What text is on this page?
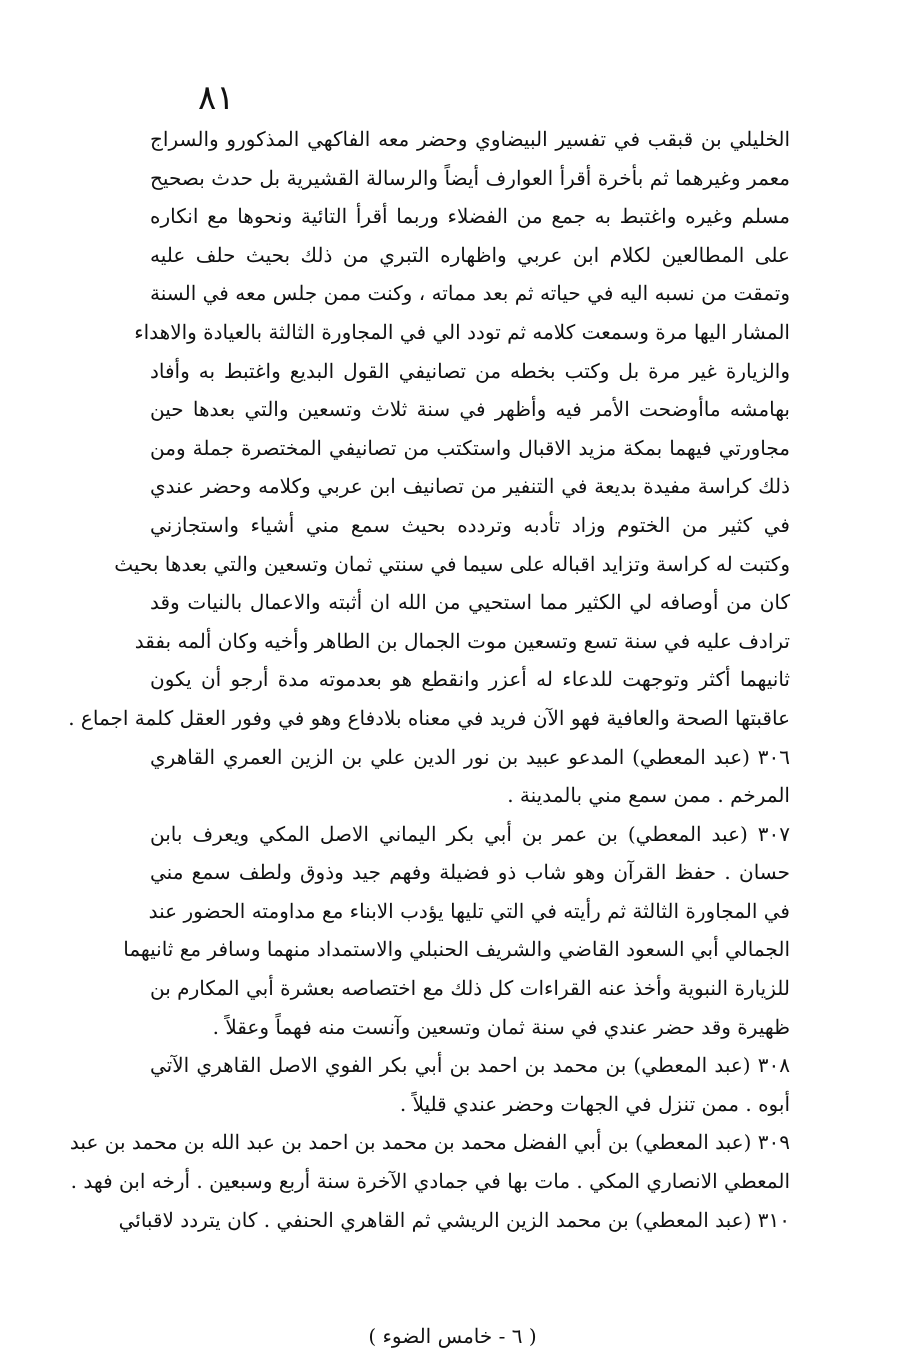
٨١
الخليلي بن قبقب في تفسير البيضاوي وحضر معه الفاكهي المذكورو والسراج
معمر وغيرهما ثم بأخرة أقرأ العوارف أيضاً والرسالة القشيرية بل حدث بصحيح
مسلم وغيره واغتبط به جمع من الفضلاء وربما أقرأ التائية ونحوها مع انكاره
على المطالعين لكلام ابن عربي واظهاره التبري من ذلك بحيث حلف عليه
وتمقت من نسبه اليه في حياته ثم بعد مماته ، وكنت ممن جلس معه في السنة
المشار اليها مرة وسمعت كلامه ثم تودد الي في المجاورة الثالثة بالعيادة والاهداء
والزيارة غير مرة بل وكتب بخطه من تصانيفي القول البديع واغتبط به وأفاد
بهامشه ماأوضحت الأمر فيه وأظهر في سنة ثلاث وتسعين والتي بعدها حين
مجاورتي فيهما بمكة مزيد الاقبال واستكتب من تصانيفي المختصرة جملة ومن
ذلك كراسة مفيدة بديعة في التنفير من تصانيف ابن عربي وكلامه وحضر عندي
في كثير من الختوم وزاد تأدبه وتردده بحيث سمع مني أشياء واستجازني
وكتبت له كراسة وتزايد اقباله على سيما في سنتي ثمان وتسعين والتي بعدها بحيث
كان من أوصافه لي الكثير مما استحيي من الله ان أثبته والاعمال بالنيات وقد
ترادف عليه في سنة تسع وتسعين موت الجمال بن الطاهر وأخيه وكان ألمه بفقد
ثانيهما أكثر وتوجهت للدعاء له أعزر وانقطع هو بعدموته مدة أرجو أن يكون
عاقبتها الصحة والعافية فهو الآن فريد في معناه بلادفاع وهو في وفور العقل كلمة اجماع .
٣٠٦ (عبد المعطي) المدعو عبيد بن نور الدين علي بن الزين العمري القاهري
المرخم . ممن سمع مني بالمدينة .
٣٠٧ (عبد المعطي) بن عمر بن أبي بكر اليماني الاصل المكي ويعرف بابن
حسان . حفظ القرآن وهو شاب ذو فضيلة وفهم جيد وذوق ولطف سمع مني
في المجاورة الثالثة ثم رأيته في التي تليها يؤدب الابناء مع مداومته الحضور عند
الجمالي أبي السعود القاضي والشريف الحنبلي والاستمداد منهما وسافر مع ثانيهما
للزيارة النبوية وأخذ عنه القراءات كل ذلك مع اختصاصه بعشرة أبي المكارم بن
ظهيرة وقد حضر عندي في سنة ثمان وتسعين وآنست منه فهماً وعقلاً .
٣٠٨ (عبد المعطي) بن محمد بن احمد بن أبي بكر الفوي الاصل القاهري الآتي
أبوه . ممن تنزل في الجهات وحضر عندي قليلاً .
٣٠٩ (عبد المعطي) بن أبي الفضل محمد بن محمد بن احمد بن عبد الله بن محمد بن عبد
المعطي الانصاري المكي . مات بها في جمادي الآخرة سنة أربع وسبعين . أرخه ابن فهد .
٣١٠ (عبد المعطي) بن محمد الزين الريشي ثم القاهري الحنفي . كان يتردد لاقبائي
( ٦ - خامس الضوء )
